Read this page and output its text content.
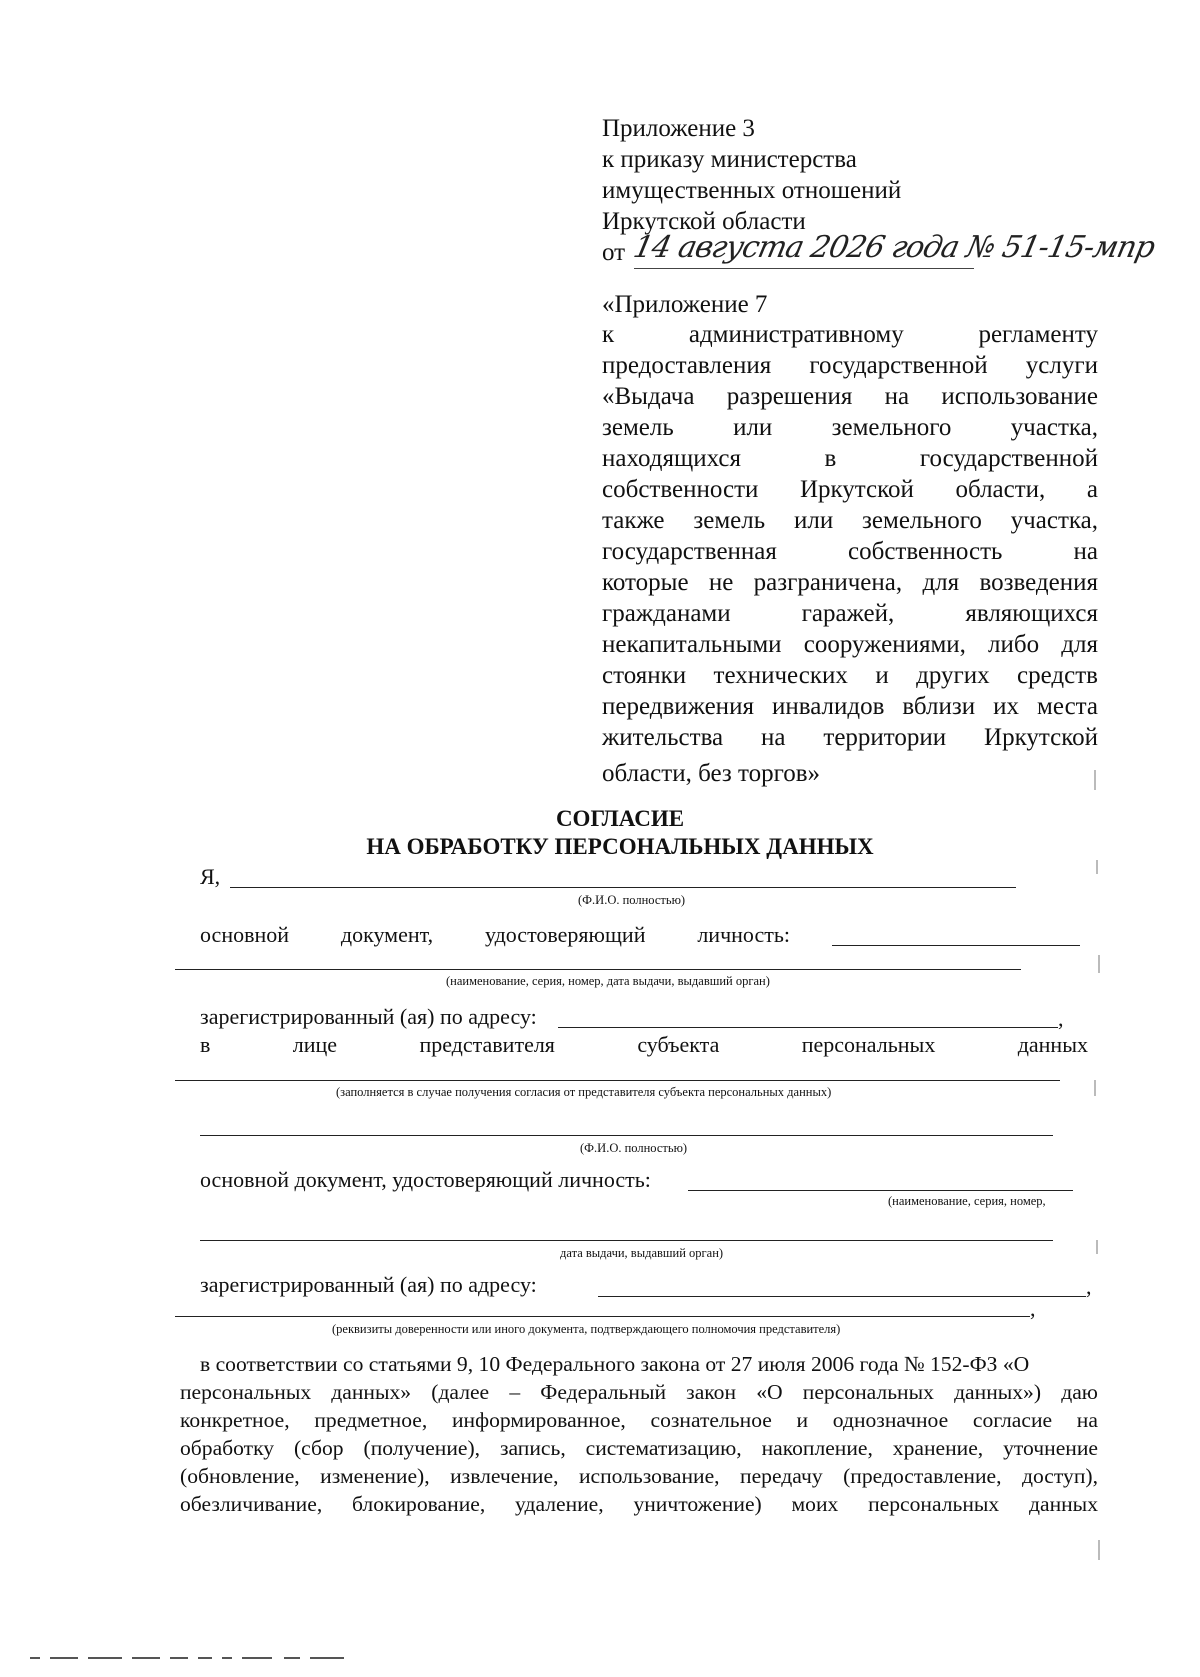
Приложение 3
к приказу министерства
имущественных отношений
Иркутской области
от 14 августа 2026 года № 51-15-мпр
«Приложение 7
к	административному	регламенту
предоставления государственной услуги
«Выдача разрешения на использование
земель или земельного участка,
находящихся	в	государственной
собственности Иркутской области, а
также земель или земельного участка,
государственная	собственность	на
которые не разграничена, для возведения
гражданами	гаражей,	являющихся
некапитальными сооружениями, либо для
стоянки технических и других средств
передвижения инвалидов вблизи их места
жительства на территории Иркутской
области, без торгов»
СОГЛАСИЕ
НА ОБРАБОТКУ ПЕРСОНАЛЬНЫХ ДАННЫХ
Я,
(Ф.И.О. полностью)
основной документ, удостоверяющий личность:
(наименование, серия, номер, дата выдачи, выдавший орган)
зарегистрированный (ая) по адресу:	,
в	лице	представителя	субъекта	персональных	данных
(заполняется в случае получения согласия от представителя субъекта персональных данных)
(Ф.И.О. полностью)
основной документ, удостоверяющий личность:
(наименование, серия, номер,
дата выдачи, выдавший орган)
зарегистрированный (ая) по адресу:	,
,
(реквизиты доверенности или иного документа, подтверждающего полномочия представителя)
в соответствии со статьями 9, 10 Федерального закона от 27 июля 2006 года № 152-ФЗ «О
персональных данных» (далее – Федеральный закон «О персональных данных») даю
конкретное, предметное, информированное, сознательное и однозначное согласие на
обработку (сбор (получение), запись, систематизацию, накопление, хранение, уточнение
(обновление, изменение), извлечение, использование, передачу (предоставление, доступ),
обезличивание, блокирование, удаление, уничтожение) моих персональных данных
